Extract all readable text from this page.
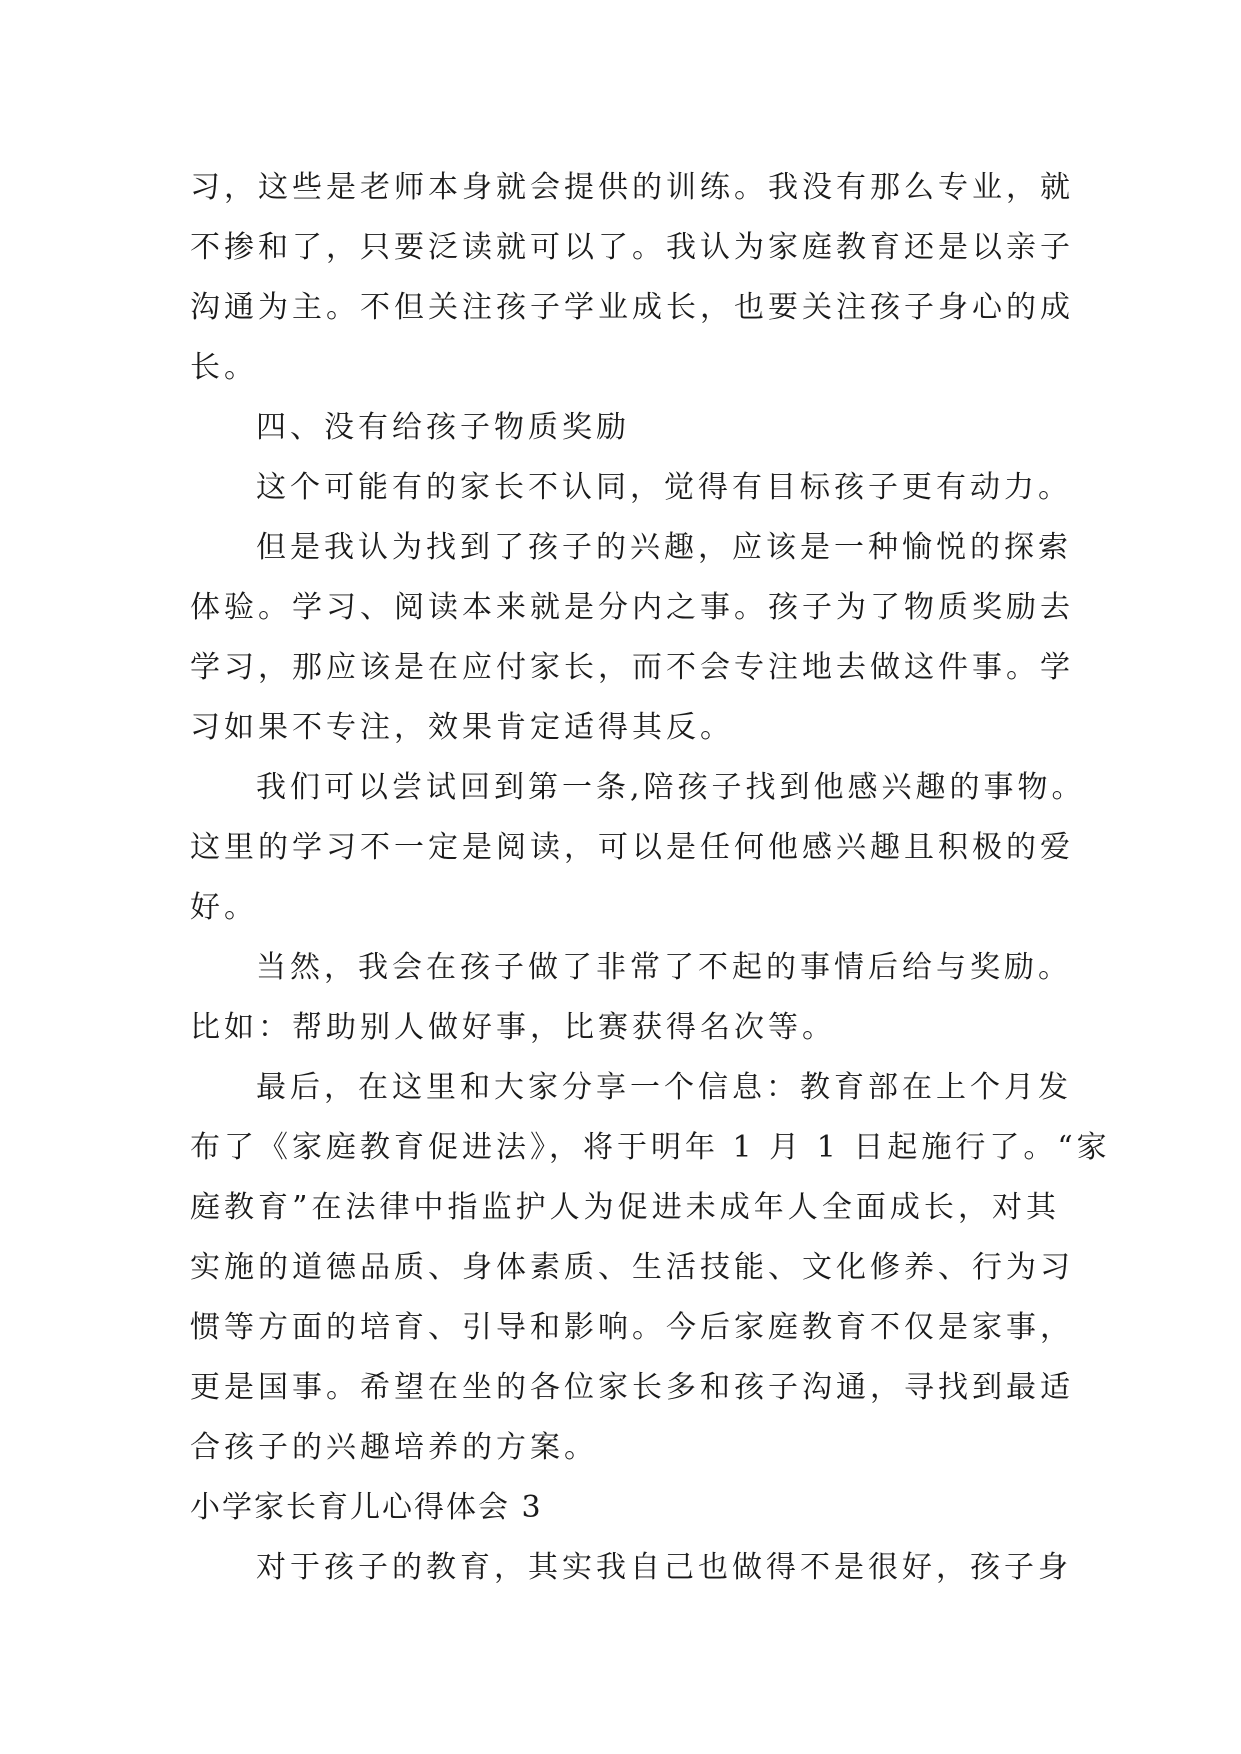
习，这些是老师本身就会提供的训练。我没有那么专业，就
不掺和了，只要泛读就可以了。我认为家庭教育还是以亲子
沟通为主。不但关注孩子学业成长，也要关注孩子身心的成
长。
四、没有给孩子物质奖励
这个可能有的家长不认同，觉得有目标孩子更有动力。
但是我认为找到了孩子的兴趣，应该是一种愉悦的探索
体验。学习、阅读本来就是分内之事。孩子为了物质奖励去
学习，那应该是在应付家长，而不会专注地去做这件事。学
习如果不专注，效果肯定适得其反。
我们可以尝试回到第一条,陪孩子找到他感兴趣的事物。
这里的学习不一定是阅读，可以是任何他感兴趣且积极的爱
好。
当然，我会在孩子做了非常了不起的事情后给与奖励。
比如：帮助别人做好事，比赛获得名次等。
最后，在这里和大家分享一个信息：教育部在上个月发
布了《家庭教育促进法》，将于明年 1 月 1 日起施行了。“家
庭教育”在法律中指监护人为促进未成年人全面成长，对其
实施的道德品质、身体素质、生活技能、文化修养、行为习
惯等方面的培育、引导和影响。今后家庭教育不仅是家事，
更是国事。希望在坐的各位家长多和孩子沟通，寻找到最适
合孩子的兴趣培养的方案。
小学家长育儿心得体会 3
对于孩子的教育，其实我自己也做得不是很好，孩子身
